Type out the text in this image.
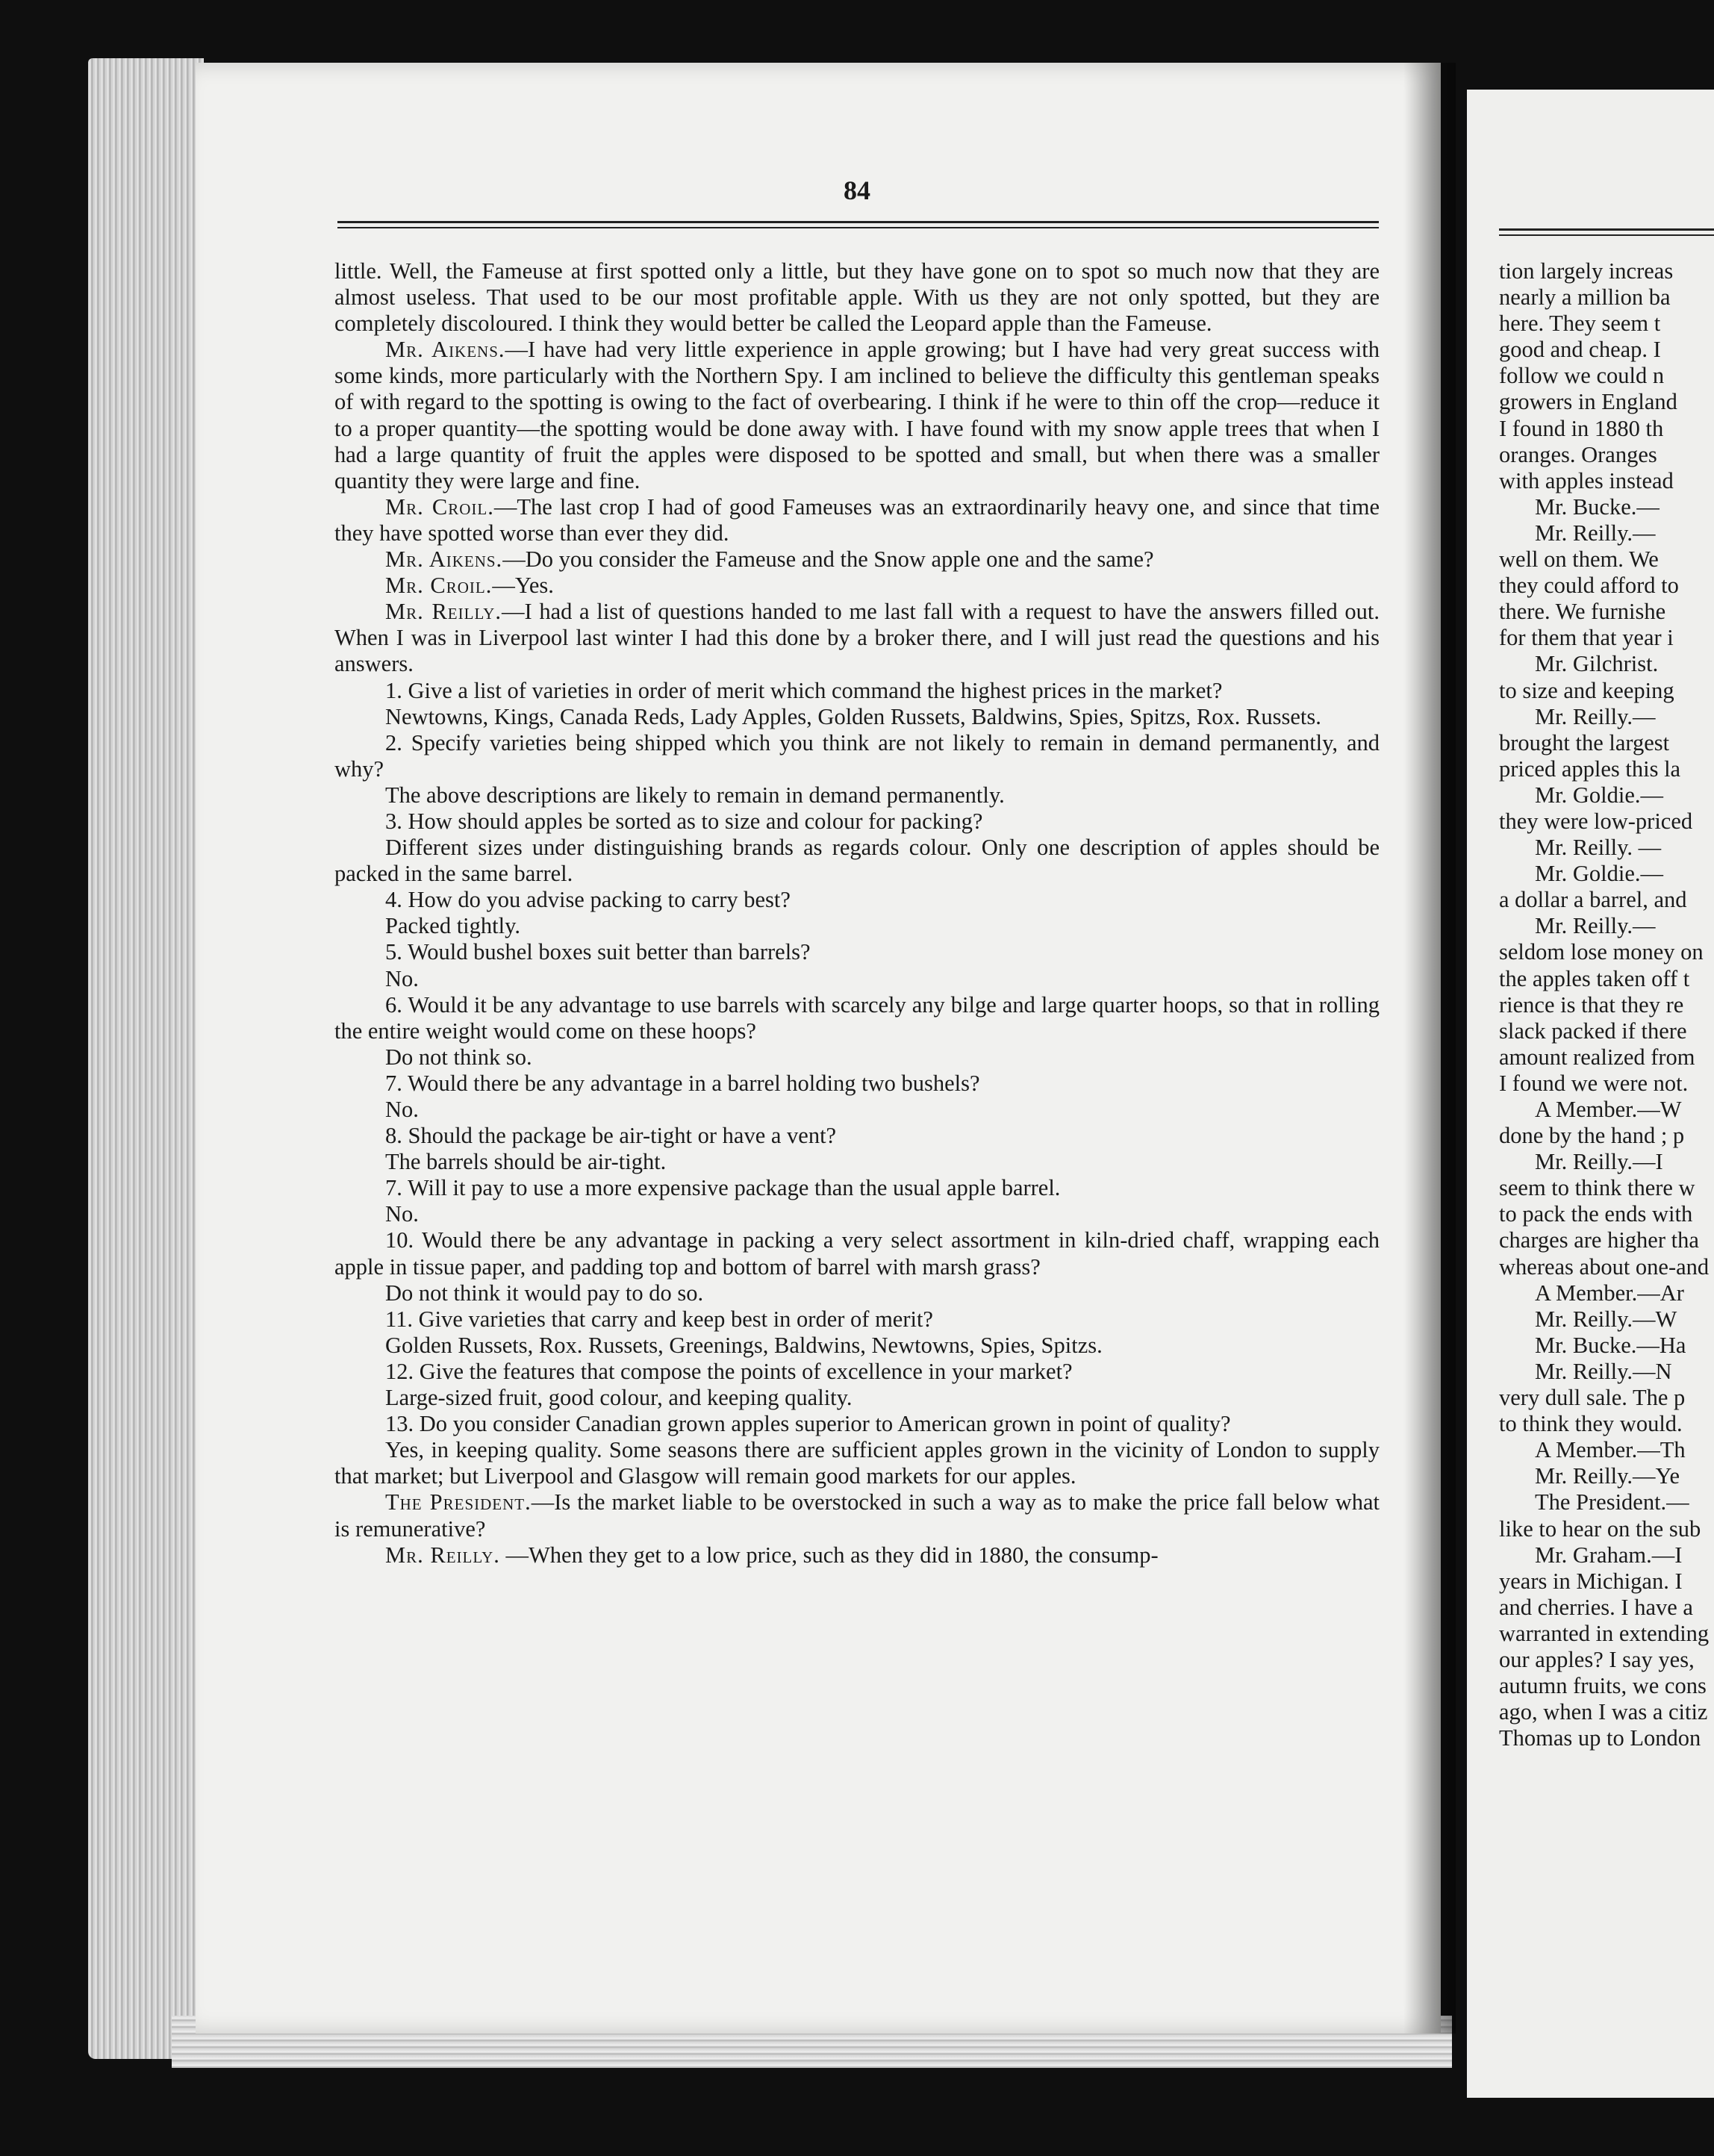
84

little. Well, the Fameuse at first spotted only a little, but they have gone on to spot so much now that they are almost useless. That used to be our most profitable apple. With us they are not only spotted, but they are completely discoloured. I think they would better be called the Leopard apple than the Fameuse.

Mr. Aikens.—I have had very little experience in apple growing; but I have had very great success with some kinds, more particularly with the Northern Spy. I am inclined to believe the difficulty this gentleman speaks of with regard to the spotting is owing to the fact of overbearing. I think if he were to thin off the crop—reduce it to a proper quantity—the spotting would be done away with. I have found with my snow apple trees that when I had a large quantity of fruit the apples were disposed to be spotted and small, but when there was a smaller quantity they were large and fine.

Mr. Croil.—The last crop I had of good Fameuses was an extraordinarily heavy one, and since that time they have spotted worse than ever they did.

Mr. Aikens.—Do you consider the Fameuse and the Snow apple one and the same?

Mr. Croil.—Yes.

Mr. Reilly.—I had a list of questions handed to me last fall with a request to have the answers filled out. When I was in Liverpool last winter I had this done by a broker there, and I will just read the questions and his answers.

1. Give a list of varieties in order of merit which command the highest prices in the market?

Newtowns, Kings, Canada Reds, Lady Apples, Golden Russets, Baldwins, Spies, Spitzs, Rox. Russets.

2. Specify varieties being shipped which you think are not likely to remain in demand permanently, and why?

The above descriptions are likely to remain in demand permanently.

3. How should apples be sorted as to size and colour for packing?

Different sizes under distinguishing brands as regards colour. Only one description of apples should be packed in the same barrel.

4. How do you advise packing to carry best?

Packed tightly.

5. Would bushel boxes suit better than barrels?

No.

6. Would it be any advantage to use barrels with scarcely any bilge and large quarter hoops, so that in rolling the entire weight would come on these hoops?

Do not think so.

7. Would there be any advantage in a barrel holding two bushels?

No.

8. Should the package be air-tight or have a vent?

The barrels should be air-tight.

7. Will it pay to use a more expensive package than the usual apple barrel.

No.

10. Would there be any advantage in packing a very select assortment in kiln-dried chaff, wrapping each apple in tissue paper, and padding top and bottom of barrel with marsh grass?

Do not think it would pay to do so.

11. Give varieties that carry and keep best in order of merit?

Golden Russets, Rox. Russets, Greenings, Baldwins, Newtowns, Spies, Spitzs.

12. Give the features that compose the points of excellence in your market?

Large-sized fruit, good colour, and keeping quality.

13. Do you consider Canadian grown apples superior to American grown in point of quality?

Yes, in keeping quality. Some seasons there are sufficient apples grown in the vicinity of London to supply that market; but Liverpool and Glasgow will remain good markets for our apples.

The President.—Is the market liable to be overstocked in such a way as to make the price fall below what is remunerative?

Mr. Reilly. —When they get to a low price, such as they did in 1880, the consump-

tion largely increas

nearly a million ba

here. They seem t

good and cheap. I

follow we could n

growers in England

I found in 1880 th

oranges. Oranges

with apples instead

Mr. Bucke.—

Mr. Reilly.—

well on them. We

they could afford to

there. We furnishe

for them that year i

Mr. Gilchrist.

to size and keeping

Mr. Reilly.—

brought the largest

priced apples this la

Mr. Goldie.—

they were low-priced

Mr. Reilly. —

Mr. Goldie.—

a dollar a barrel, and

Mr. Reilly.—

seldom lose money on

the apples taken off t

rience is that they re

slack packed if there

amount realized from

I found we were not.

A Member.—W

done by the hand ; p

Mr. Reilly.—I

seem to think there w

to pack the ends with

charges are higher tha

whereas about one-and

A Member.—Ar

Mr. Reilly.—W

Mr. Bucke.—Ha

Mr. Reilly.—N

very dull sale. The p

to think they would.

A Member.—Th

Mr. Reilly.—Ye

The President.—

like to hear on the sub

Mr. Graham.—I

years in Michigan. I

and cherries. I have a

warranted in extending

our apples? I say yes,

autumn fruits, we cons

ago, when I was a citiz

Thomas up to London
